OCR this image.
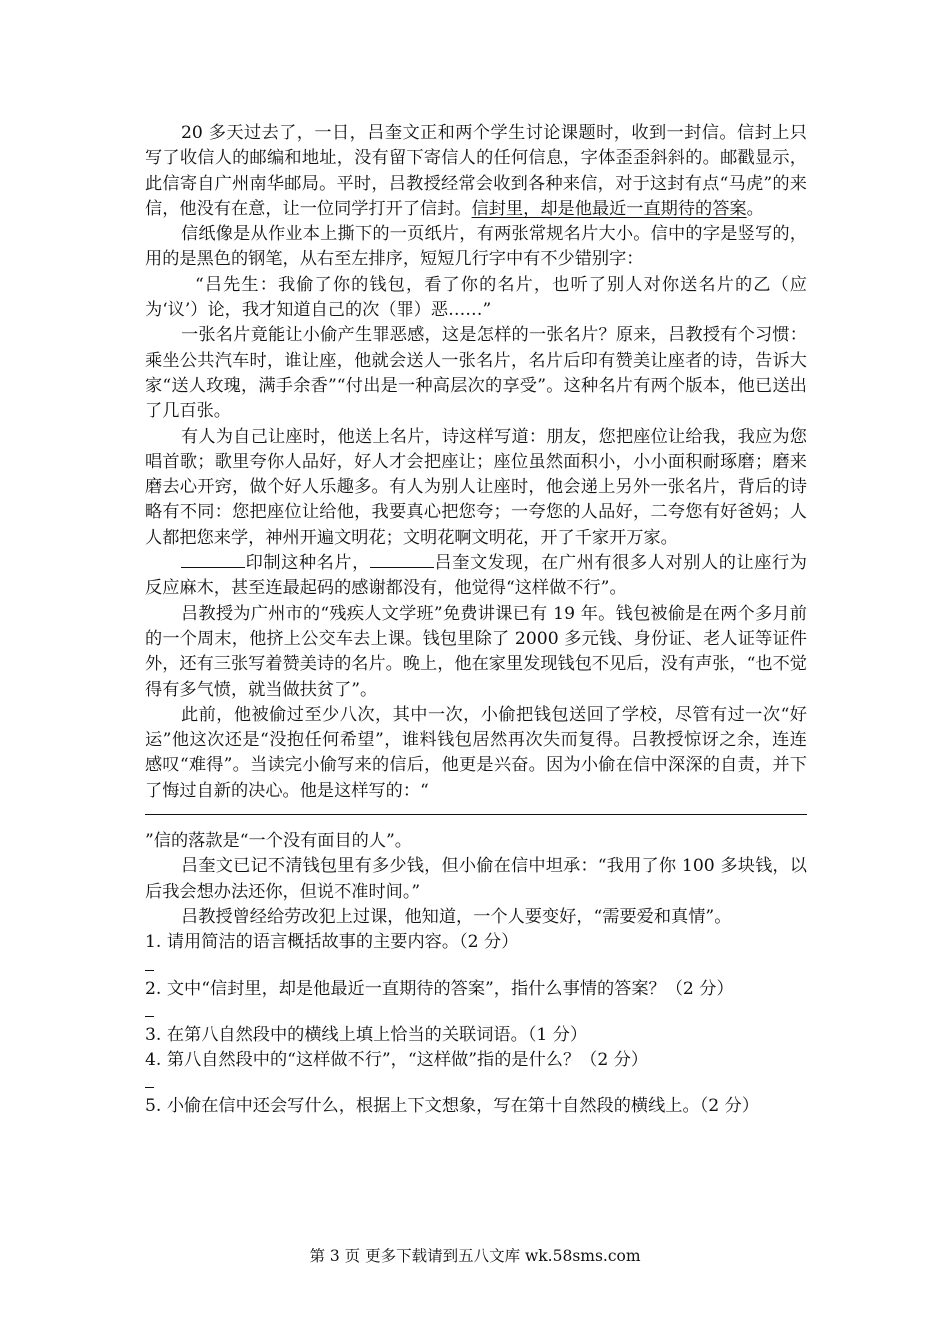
20 多天过去了，一日，吕奎文正和两个学生讨论课题时，收到一封信。信封上只写了收信人的邮编和地址，没有留下寄信人的任何信息，字体歪歪斜斜的。邮戳显示，此信寄自广州南华邮局。平时，吕教授经常会收到各种来信，对于这封有点“马虎”的来信，他没有在意，让一位同学打开了信封。信封里，却是他最近一直期待的答案。

信纸像是从作业本上撕下的一页纸片，有两张常规名片大小。信中的字是竖写的，用的是黑色的钢笔，从右至左排序，短短几行字中有不少错别字：

“吕先生：我偷了你的钱包，看了你的名片，也听了别人对你送名片的乙（应为‘议’）论，我才知道自己的次（罪）恶……”

一张名片竟能让小偷产生罪恶感，这是怎样的一张名片？原来，吕教授有个习惯：乘坐公共汽车时，谁让座，他就会送人一张名片，名片后印有赞美让座者的诗，告诉大家“送人玫瑰，满手余香”“付出是一种高层次的享受”。这种名片有两个版本，他已送出了几百张。

有人为自己让座时，他送上名片，诗这样写道：朋友，您把座位让给我，我应为您唱首歌；歌里夸你人品好，好人才会把座让；座位虽然面积小，小小面积耐琢磨；磨来磨去心开窍，做个好人乐趣多。有人为别人让座时，他会递上另外一张名片，背后的诗略有不同：您把座位让给他，我要真心把您夸；一夸您的人品好，二夸您有好爸妈；人人都把您来学，神州开遍文明花；文明花啊文明花，开了千家开万家。

印制这种名片，	吕奎文发现，在广州有很多人对别人的让座行为反应麻木，甚至连最起码的感谢都没有，他觉得“这样做不行”。

吕教授为广州市的“残疾人文学班”免费讲课已有 19 年。钱包被偷是在两个多月前的一个周末，他挤上公交车去上课。钱包里除了 2000 多元钱、身份证、老人证等证件外，还有三张写着赞美诗的名片。晚上，他在家里发现钱包不见后，没有声张，“也不觉得有多气愤，就当做扶贫了”。

此前，他被偷过至少八次，其中一次，小偷把钱包送回了学校，尽管有过一次“好运”他这次还是“没抱任何希望”，谁料钱包居然再次失而复得。吕教授惊讶之余，连连感叹“难得”。当读完小偷写来的信后，他更是兴奋。因为小偷在信中深深的自责，并下了悔过自新的决心。他是这样写的：“

”信的落款是“一个没有面目的人”。

吕奎文已记不清钱包里有多少钱，但小偷在信中坦承：“我用了你 100 多块钱，以后我会想办法还你，但说不准时间。”

吕教授曾经给劳改犯上过课，他知道，一个人要变好，“需要爱和真情”。

1. 请用简洁的语言概括故事的主要内容。（2 分）

2. 文中“信封里，却是他最近一直期待的答案”，指什么事情的答案？（2 分）

3. 在第八自然段中的横线上填上恰当的关联词语。（1 分）

4. 第八自然段中的“这样做不行”，“这样做”指的是什么？（2 分）

5. 小偷在信中还会写什么，根据上下文想象，写在第十自然段的横线上。（2 分）

第 3 页 更多下载请到五八文库 wk.58sms.com
